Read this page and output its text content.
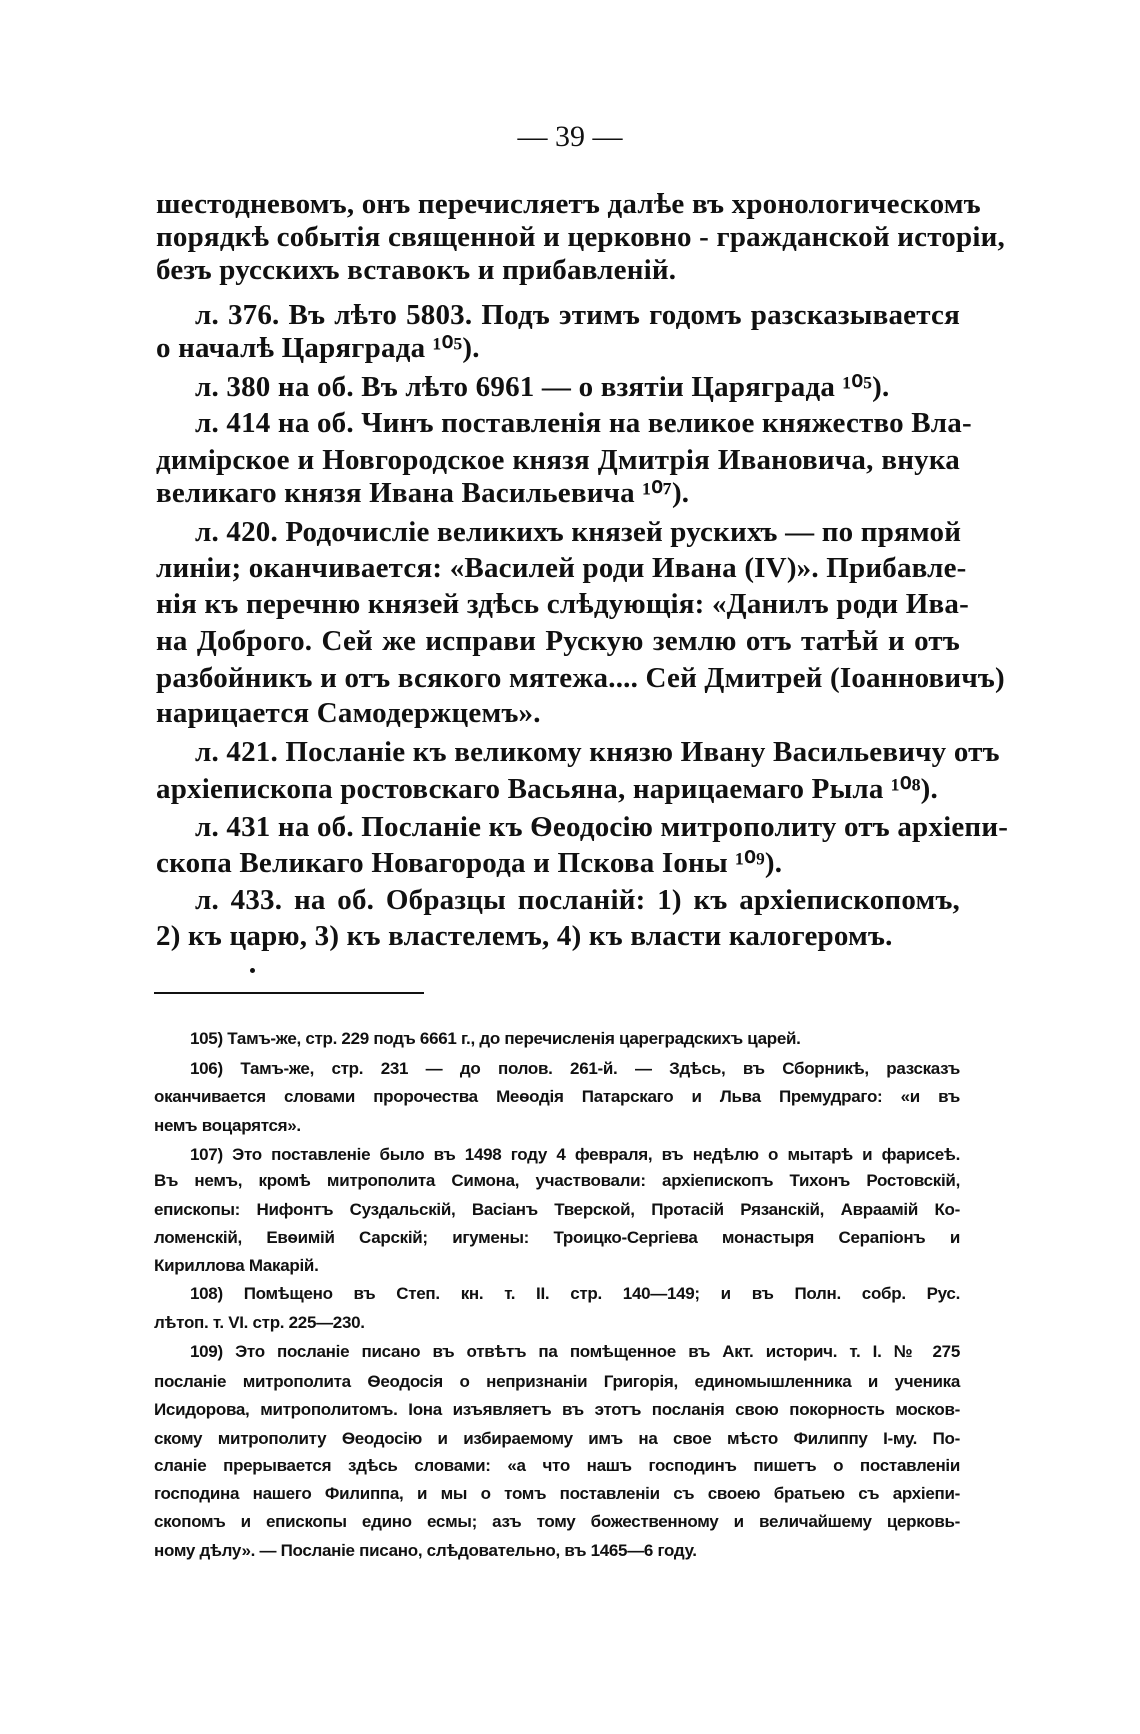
— 39 —
шестодневомъ, онъ перечисляетъ далѣе въ хронологическомъ
порядкѣ событія священной и церковно - гражданской исторіи,
безъ русскихъ вставокъ и прибавленій.
л. 376. Въ лѣто 5803. Подъ этимъ годомъ разсказывается
о началѣ Царяграда ¹⁰⁵).
л. 380 на об. Въ лѣто 6961 — о взятіи Царяграда ¹⁰⁵).
л. 414 на об. Чинъ поставленія на великое княжество Вла-
димірское и Новгородское князя Дмитрія Ивановича, внука
великаго князя Ивана Васильевича ¹⁰⁷).
л. 420. Родочисліе великихъ князей рускихъ — по прямой
линіи; оканчивается: «Василей роди Ивана (IV)». Прибавле-
нія къ перечню князей здѣсь слѣдующія: «Данилъ роди Ива-
на Доброго. Сей же исправи Рускую землю отъ татѣй и отъ
разбойникъ и отъ всякого мятежа.... Сей Дмитрей (Іоанновичъ)
нарицается Самодержцемъ».
л. 421. Посланіе къ великому князю Ивану Васильевичу отъ
архіепископа ростовскаго Васьяна, нарицаемаго Рыла ¹⁰⁸).
л. 431 на об. Посланіе къ Ѳеодосію митрополиту отъ архіепи-
скопа Великаго Новагорода и Пскова Іоны ¹⁰⁹).
л. 433. на об. Образцы посланій: 1) къ архіепископомъ,
2) къ царю, 3) къ властелемъ, 4) къ власти калогеромъ.
105) Тамъ-же, стр. 229 подъ 6661 г., до перечисленія цареградскихъ царей.
106) Тамъ-же, стр. 231 — до полов. 261-й. — Здѣсь, въ Сборникѣ, разсказъ
оканчивается словами пророчества Меѳодія Патарскаго и Льва Премудраго: «и въ
немъ воцарятся».
107) Это поставленіе было въ 1498 году 4 февраля, въ недѣлю о мытарѣ и фарисеѣ.
Въ немъ, кромѣ митрополита Симона, участвовали: архіепископъ Тихонъ Ростовскій,
епископы: Нифонтъ Суздальскій, Васіанъ Тверской, Протасій Рязанскій, Авраамій Ко-
ломенскій, Евѳимій Сарскій; игумены: Троицко-Сергіева монастыря Серапіонъ и
Кириллова Макарій.
108) Помѣщено въ Степ. кн. т. II. стр. 140—149; и въ Полн. собр. Рус.
лѣтоп. т. VI. стр. 225—230.
109) Это посланіе писано въ отвѣтъ па помѣщенное въ Акт. историч. т. I. № 275
посланіе митрополита Ѳеодосія о непризнаніи Григорія, единомышленника и ученика
Исидорова, митрополитомъ. Іона изъявляетъ въ этотъ посланія свою покорность москов-
скому митрополиту Ѳеодосію и избираемому имъ на свое мѣсто Филиппу I-му. По-
сланіе прерывается здѣсь словами: «а что нашъ господинъ пишетъ о поставленіи
господина нашего Филиппа, и мы о томъ поставленіи съ своею братьею съ архіепи-
скопомъ и епископы едино есмы; азъ тому божественному и величайшему церковь-
ному дѣлу». — Посланіе писано, слѣдовательно, въ 1465—6 году.
